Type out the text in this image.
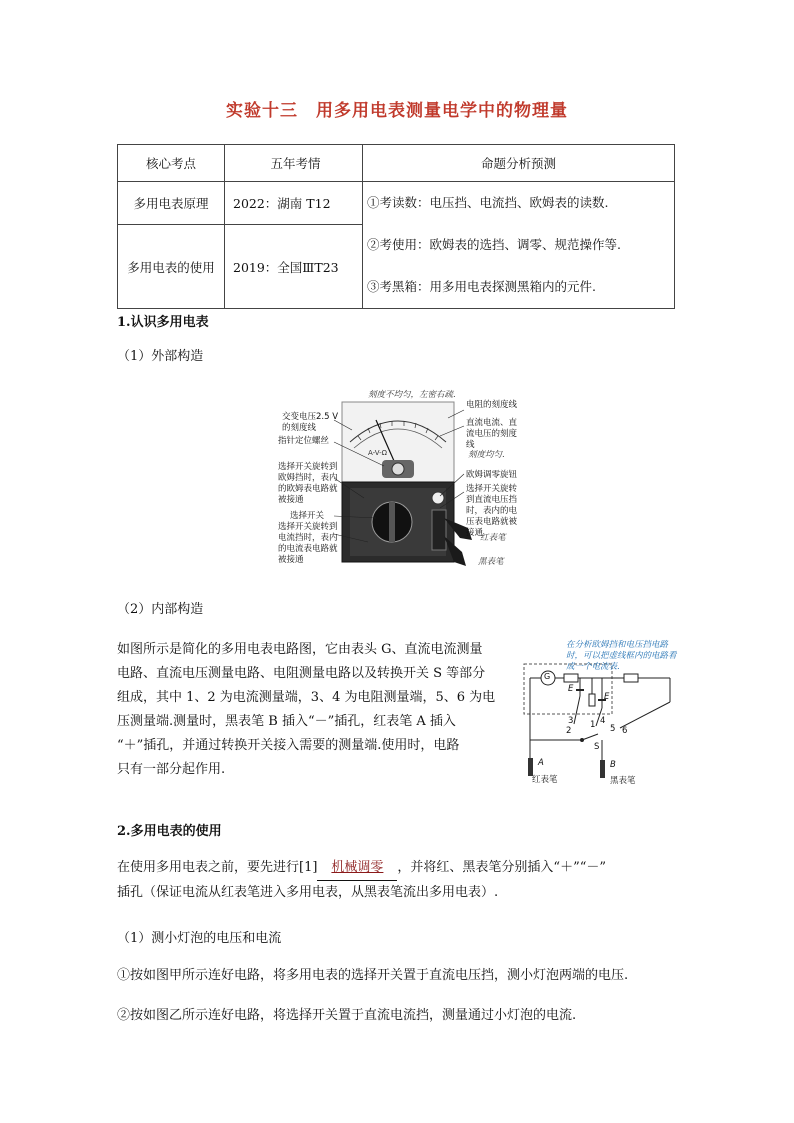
实验十三　用多用电表测量电学中的物理量
核心考点	五年考情	命题分析预测
多用电表原理	2022：湖南 T12	①考读数：电压挡、电流挡、欧姆表的读数.
②考使用：欧姆表的选挡、调零、规范操作等.
③考黑箱：用多用电表探测黑箱内的元件.

多用电表的使用	2019：全国ⅢT23	
1.认识多用电表
（1）外部构造
A-V-Ω
交变电压2.5 V 的刻度线
指针定位螺丝
选择开关旋转到欧姆挡时，表内的欧姆表电路就被接通
选择开关
选择开关旋转到电流挡时，表内的电流表电路就被接通
刻度不均匀，左密右疏.
电阻的刻度线
直流电流、直流电压的刻度线
刻度均匀.
欧姆调零旋钮
选择开关旋转到直流电压挡时，表内的电压表电路就被接通
红表笔
黑表笔
（2）内部构造
如图所示是简化的多用电表电路图，它由表头 G、直流电流测量
电路、直流电压测量电路、电阻测量电路以及转换开关 S 等部分
组成，其中 1、2 为电流测量端，3、4 为电阻测量端，5、6 为电
压测量端.测量时，黑表笔 B 插入“－”插孔，红表笔 A 插入
“＋”插孔，并通过转换开关接入需要的测量端.使用时，电路
只有一部分起作用.
在分析欧姆挡和电压挡电路时，可以把虚线框内的电路看成一个电流表.
G
E
E
3	4
1
2	5 6
S
A	B
红表笔	黑表笔
2.多用电表的使用
在使用多用电表之前，要先进行[1] 机械调零 ，并将红、黑表笔分别插入“＋”“－”
插孔（保证电流从红表笔进入多用电表，从黑表笔流出多用电表）.
（1）测小灯泡的电压和电流
①按如图甲所示连好电路，将多用电表的选择开关置于直流电压挡，测小灯泡两端的电压.
②按如图乙所示连好电路，将选择开关置于直流电流挡，测量通过小灯泡的电流.
